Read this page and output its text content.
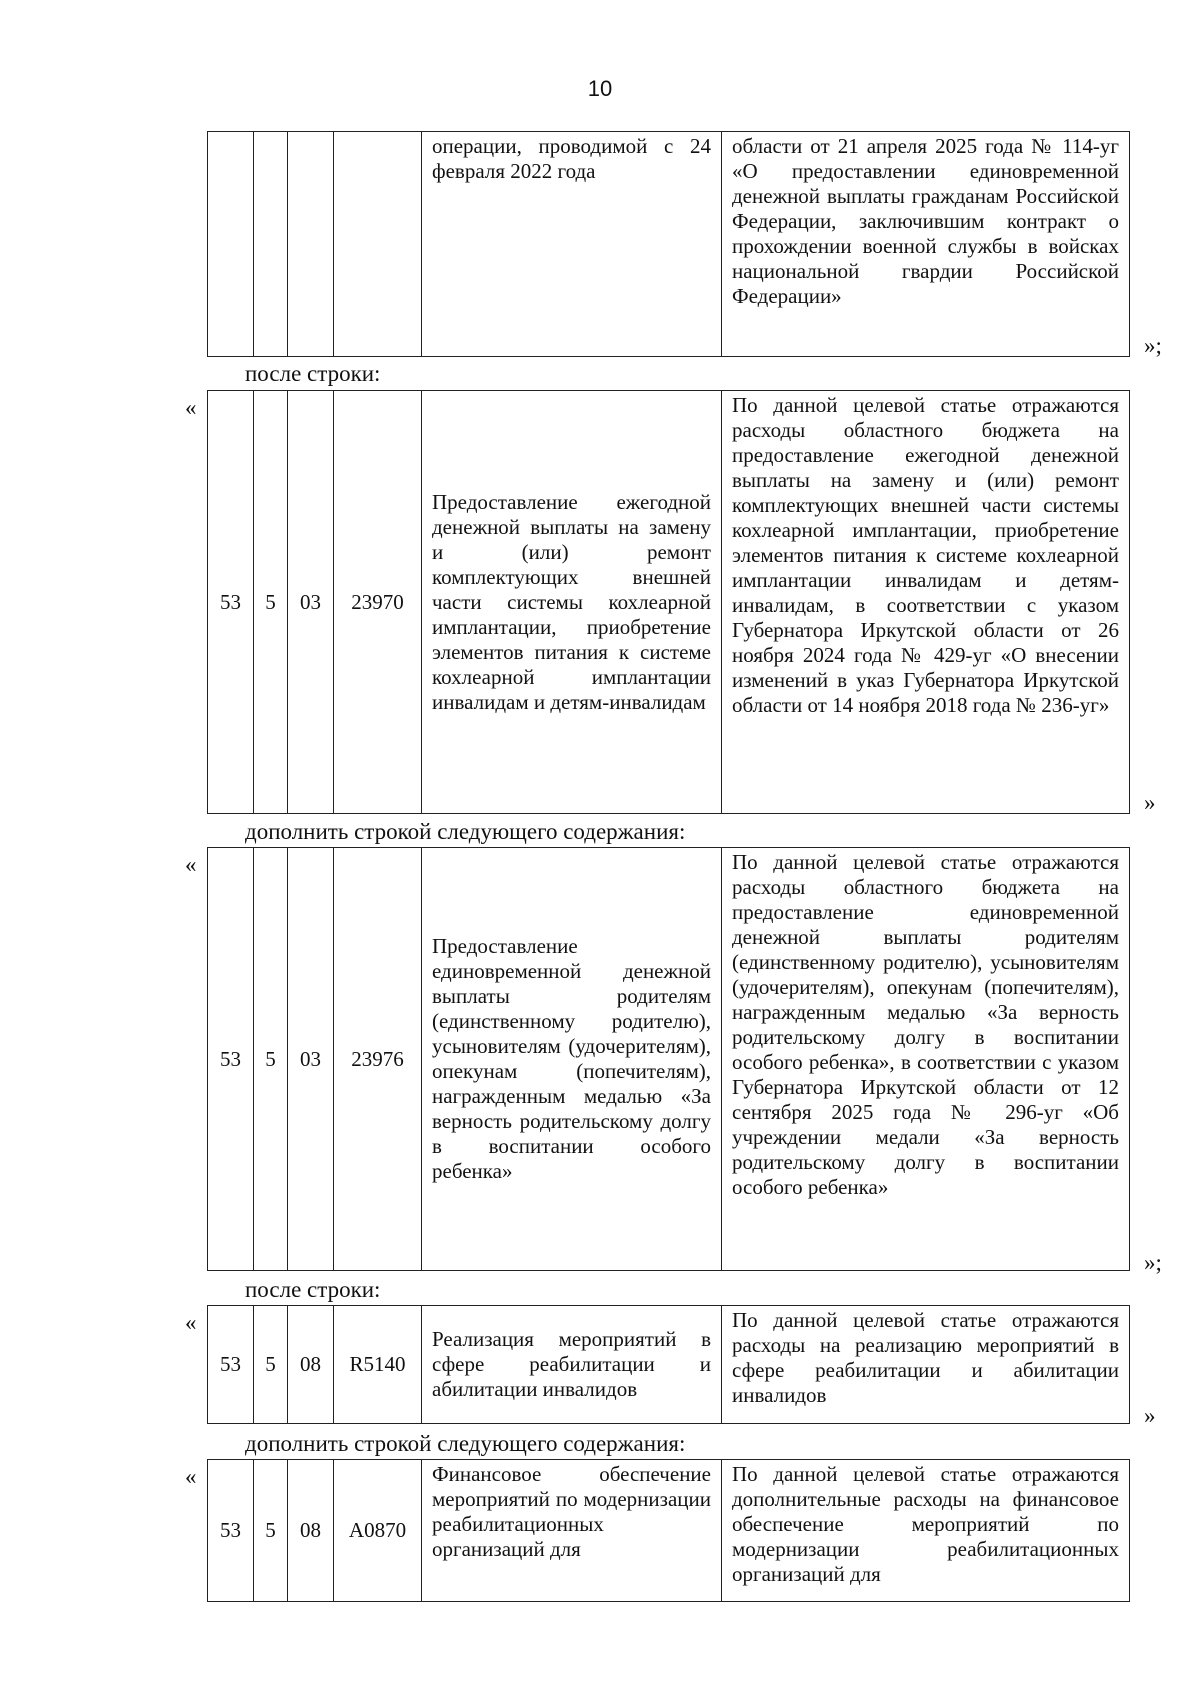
10
				операции, проводимой с 24 февраля 2022 года	области от 21 апреля 2025 года № 114-уг «О предоставлении единовременной денежной выплаты гражданам Российской Федерации, заключившим контракт о прохождении военной службы в войсках национальной гвардии Российской Федерации»
»;
после строки:
«
53	5	03	23970	Предоставление ежегодной денежной выплаты на замену и (или) ремонт комплектующих внешней части системы кохлеарной имплантации, приобретение элементов питания к системе кохлеарной имплантации инвалидам и детям-инвалидам	По данной целевой статье отражаются расходы областного бюджета на предоставление ежегодной денежной выплаты на замену и (или) ремонт комплектующих внешней части системы кохлеарной имплантации, приобретение элементов питания к системе кохлеарной имплантации инвалидам и детям-инвалидам, в соответствии с указом Губернатора Иркутской области от 26 ноября 2024 года № 429-уг «О внесении изменений в указ Губернатора Иркутской области от 14 ноября 2018 года № 236-уг»
»
дополнить строкой следующего содержания:
«
53	5	03	23976	Предоставление единовременной денежной выплаты родителям (единственному родителю), усыновителям (удочерителям), опекунам (попечителям), награжденным медалью «За верность родительскому долгу в воспитании особого ребенка»	По данной целевой статье отражаются расходы областного бюджета на предоставление единовременной денежной выплаты родителям (единственному родителю), усыновителям (удочерителям), опекунам (попечителям), награжденным медалью «За верность родительскому долгу в воспитании особого ребенка», в соответствии с указом Губернатора Иркутской области от 12 сентября 2025 года № 296-уг «Об учреждении медали «За верность родительскому долгу в воспитании особого ребенка»
»;
после строки:
«
53	5	08	R5140	Реализация мероприятий в сфере реабилитации и абилитации инвалидов	По данной целевой статье отражаются расходы на реализацию мероприятий в сфере реабилитации и абилитации инвалидов
»
дополнить строкой следующего содержания:
«
53	5	08	А0870	Финансовое обеспечение мероприятий по модернизации реабилитационных организаций для	По данной целевой статье отражаются дополнительные расходы на финансовое обеспечение мероприятий по модернизации реабилитационных организаций для
